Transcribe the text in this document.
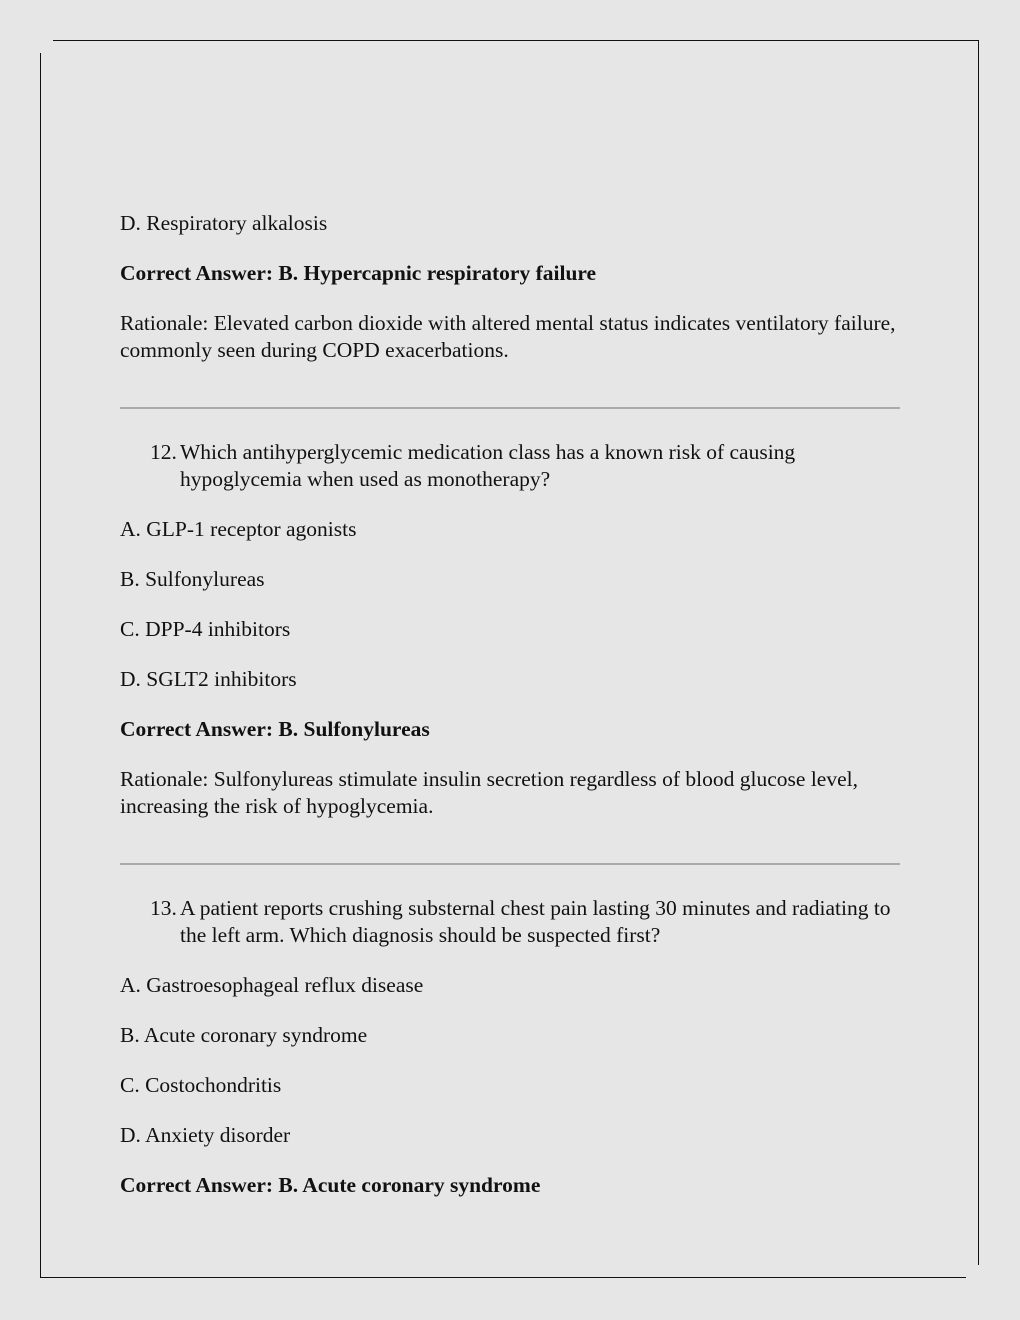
D. Respiratory alkalosis
Correct Answer: B. Hypercapnic respiratory failure

Rationale: Elevated carbon dioxide with altered mental status indicates ventilatory failure, commonly seen during COPD exacerbations.

12. Which antihyperglycemic medication class has a known risk of causing hypoglycemia when used as monotherapy?
A. GLP-1 receptor agonists
B. Sulfonylureas
C. DPP-4 inhibitors
D. SGLT2 inhibitors
Correct Answer: B. Sulfonylureas

Rationale: Sulfonylureas stimulate insulin secretion regardless of blood glucose level, increasing the risk of hypoglycemia.

13. A patient reports crushing substernal chest pain lasting 30 minutes and radiating to the left arm. Which diagnosis should be suspected first?
A. Gastroesophageal reflux disease
B. Acute coronary syndrome
C. Costochondritis
D. Anxiety disorder
Correct Answer: B. Acute coronary syndrome
